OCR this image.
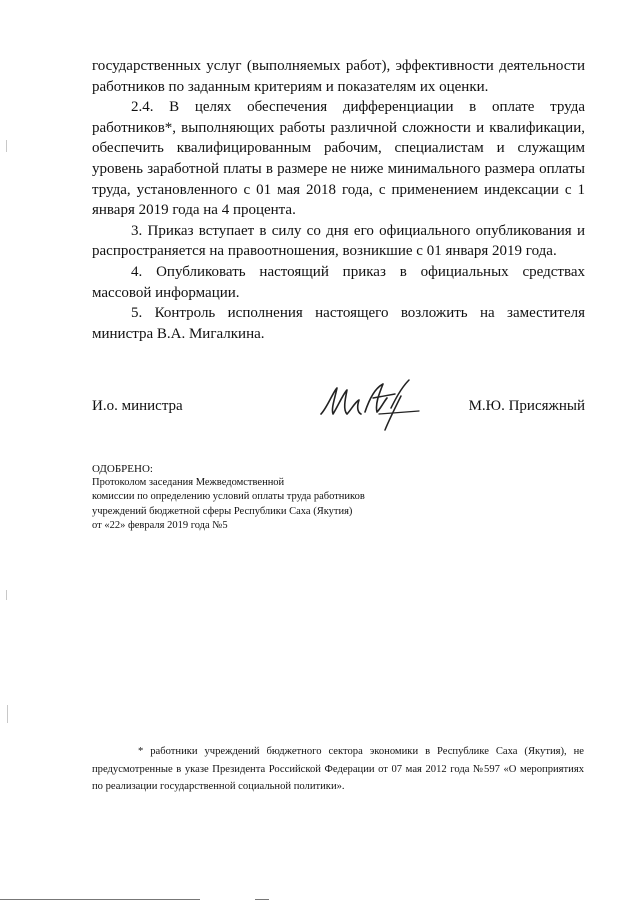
государственных услуг (выполняемых работ), эффективности деятельности работников по заданным критериям и показателям их оценки.

2.4. В целях обеспечения дифференциации в оплате труда работников*, выполняющих работы различной сложности и квалификации, обеспечить квалифицированным рабочим, специалистам и служащим уровень заработной платы в размере не ниже минимального размера оплаты труда, установленного с 01 мая 2018 года, с применением индексации с 1 января 2019 года на 4 процента.

3. Приказ вступает в силу со дня его официального опубликования и распространяется на правоотношения, возникшие с 01 января 2019 года.

4. Опубликовать настоящий приказ в официальных средствах массовой информации.

5. Контроль исполнения настоящего возложить на заместителя министра В.А. Мигалкина.

И.о. министра	М.Ю. Присяжный
ОДОБРЕНО:
Протоколом заседания Межведомственной
комиссии по определению условий оплаты труда работников
учреждений бюджетной сферы Республики Саха (Якутия)
от «22» февраля 2019 года №5
* работники учреждений бюджетного сектора экономики в Республике Саха (Якутия), не предусмотренные в указе Президента Российской Федерации от 07 мая 2012 года №597 «О мероприятиях по реализации государственной социальной политики».
